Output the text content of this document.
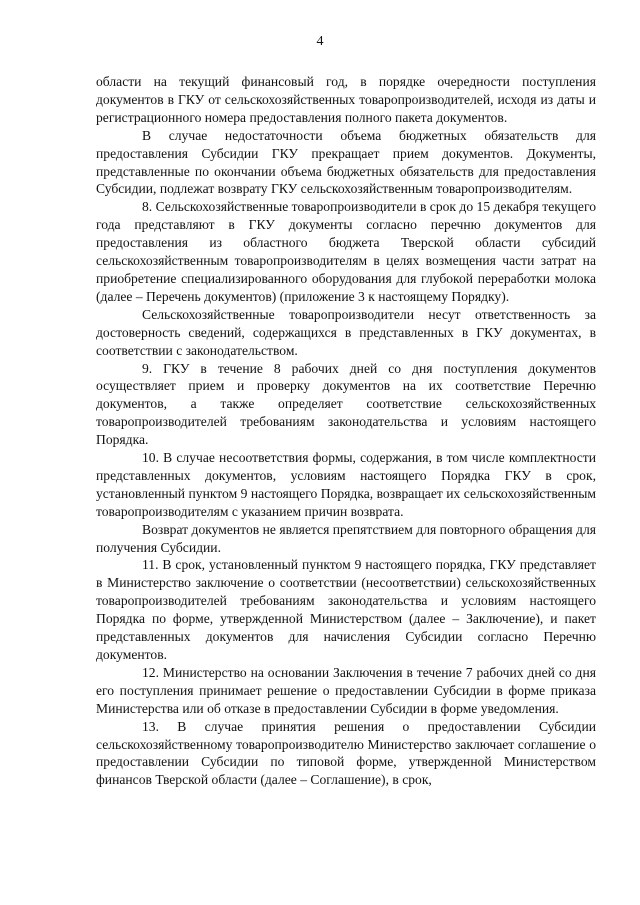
4

области на текущий финансовый год, в порядке очередности поступления документов в ГКУ от сельскохозяйственных товаропроизводителей, исходя из даты и регистрационного номера предоставления полного пакета документов.

В случае недостаточности объема бюджетных обязательств для предоставления Субсидии ГКУ прекращает прием документов. Документы, представленные по окончании объема бюджетных обязательств для предоставления Субсидии, подлежат возврату ГКУ сельскохозяйственным товаропроизводителям.

8. Сельскохозяйственные товаропроизводители в срок до 15 декабря текущего года представляют в ГКУ документы согласно перечню документов для предоставления из областного бюджета Тверской области субсидий сельскохозяйственным товаропроизводителям в целях возмещения части затрат на приобретение специализированного оборудования для глубокой переработки молока (далее – Перечень документов) (приложение 3 к настоящему Порядку).

Сельскохозяйственные товаропроизводители несут ответственность за достоверность сведений, содержащихся в представленных в ГКУ документах, в соответствии с законодательством.

9. ГКУ в течение 8 рабочих дней со дня поступления документов осуществляет прием и проверку документов на их соответствие Перечню документов, а также определяет соответствие сельскохозяйственных товаропроизводителей требованиям законодательства и условиям настоящего Порядка.

10. В случае несоответствия формы, содержания, в том числе комплектности представленных документов, условиям настоящего Порядка ГКУ в срок, установленный пунктом 9 настоящего Порядка, возвращает их сельскохозяйственным товаропроизводителям с указанием причин возврата.

Возврат документов не является препятствием для повторного обращения для получения Субсидии.

11. В срок, установленный пунктом 9 настоящего порядка, ГКУ представляет в Министерство заключение о соответствии (несоответствии) сельскохозяйственных товаропроизводителей требованиям законодательства и условиям настоящего Порядка по форме, утвержденной Министерством (далее – Заключение), и пакет представленных документов для начисления Субсидии согласно Перечню документов.

12. Министерство на основании Заключения в течение 7 рабочих дней со дня его поступления принимает решение о предоставлении Субсидии в форме приказа Министерства или об отказе в предоставлении Субсидии в форме уведомления.

13. В случае принятия решения о предоставлении Субсидии сельскохозяйственному товаропроизводителю Министерство заключает соглашение о предоставлении Субсидии по типовой форме, утвержденной Министерством финансов Тверской области (далее – Соглашение), в срок,
